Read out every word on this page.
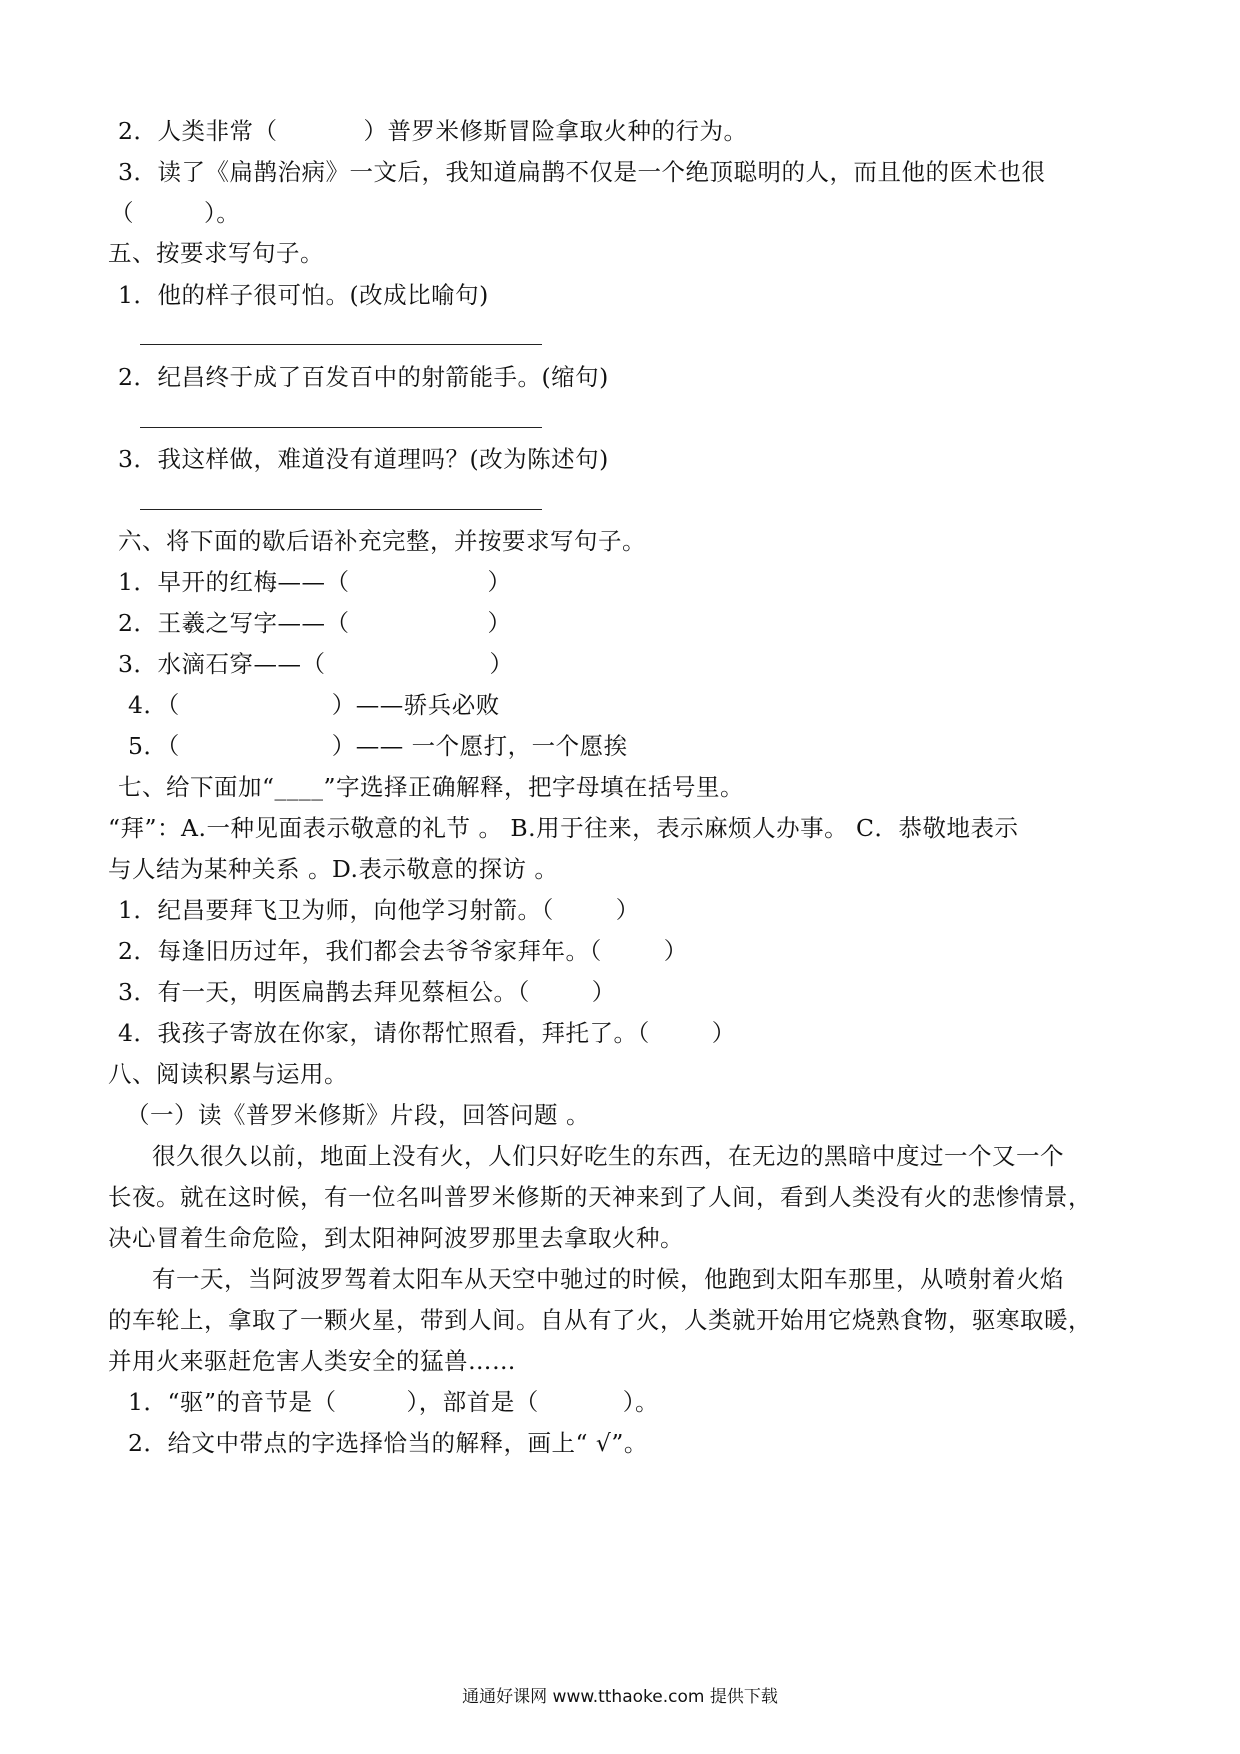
2．人类非常（	）普罗米修斯冒险拿取火种的行为。
3．读了《扁鹊治病》一文后，我知道扁鹊不仅是一个绝顶聪明的人，而且他的医术也很
（	）。
五、按要求写句子。
1．他的样子很可怕。(改成比喻句)
2．纪昌终于成了百发百中的射箭能手。(缩句)
3．我这样做，难道没有道理吗？(改为陈述句)
六、将下面的歇后语补充完整，并按要求写句子。
1．早开的红梅——（	）
2．王羲之写字——（	）
3．水滴石穿——（	）
4．（	）——骄兵必败
5．（	）—— 一个愿打，一个愿挨
七、给下面加“____”字选择正确解释，把字母填在括号里。
“拜”：A.一种见面表示敬意的礼节 。 B.用于往来，表示麻烦人办事。 C．恭敬地表示
与人结为某种关系 。D.表示敬意的探访 。
1．纪昌要拜飞卫为师，向他学习射箭。（	）
2．每逢旧历过年，我们都会去爷爷家拜年。（	）
3．有一天，明医扁鹊去拜见蔡桓公。（	）
4．我孩子寄放在你家，请你帮忙照看，拜托了。（	）
八、阅读积累与运用。
（一）读《普罗米修斯》片段，回答问题 。
很久很久以前，地面上没有火，人们只好吃生的东西，在无边的黑暗中度过一个又一个
长夜。就在这时候，有一位名叫普罗米修斯的天神来到了人间，看到人类没有火的悲惨情景，
决心冒着生命危险，到太阳神阿波罗那里去拿取火种。
有一天，当阿波罗驾着太阳车从天空中驰过的时候，他跑到太阳车那里，从喷射着火焰
的车轮上，拿取了一颗火星，带到人间。自从有了火，人类就开始用它烧熟食物，驱寒取暖，
并用火来驱赶危害人类安全的猛兽……
1．“驱”的音节是（	），部首是（	）。
2．给文中带点的字选择恰当的解释，画上“ √”。
通通好课网 www.tthaoke.com 提供下载
